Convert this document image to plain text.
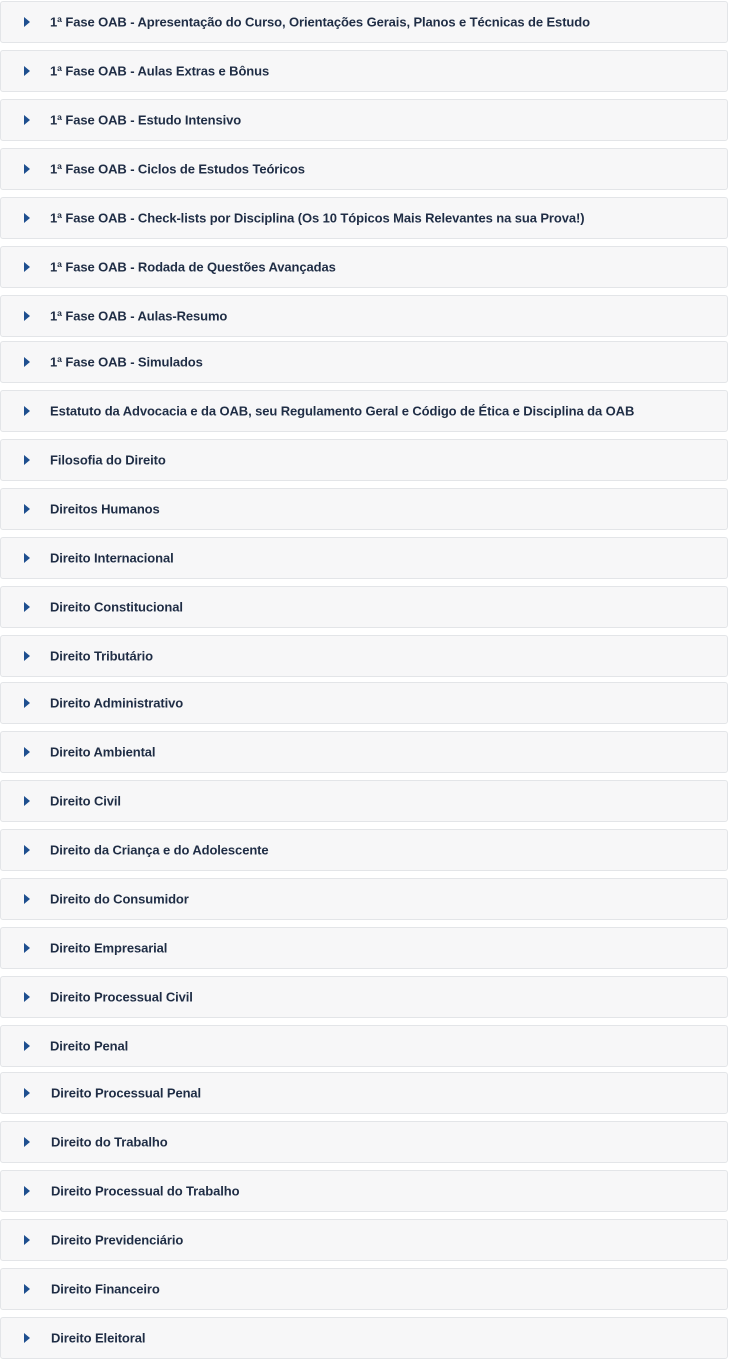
1ª Fase OAB - Apresentação do Curso, Orientações Gerais, Planos e Técnicas de Estudo
1ª Fase OAB - Aulas Extras e Bônus
1ª Fase OAB - Estudo Intensivo
1ª Fase OAB - Ciclos de Estudos Teóricos
1ª Fase OAB - Check-lists por Disciplina (Os 10 Tópicos Mais Relevantes na sua Prova!)
1ª Fase OAB - Rodada de Questões Avançadas
1ª Fase OAB - Aulas-Resumo
1ª Fase OAB - Simulados
Estatuto da Advocacia e da OAB, seu Regulamento Geral e Código de Ética e Disciplina da OAB
Filosofia do Direito
Direitos Humanos
Direito Internacional
Direito Constitucional
Direito Tributário
Direito Administrativo
Direito Ambiental
Direito Civil
Direito da Criança e do Adolescente
Direito do Consumidor
Direito Empresarial
Direito Processual Civil
Direito Penal
Direito Processual Penal
Direito do Trabalho
Direito Processual do Trabalho
Direito Previdenciário
Direito Financeiro
Direito Eleitoral
